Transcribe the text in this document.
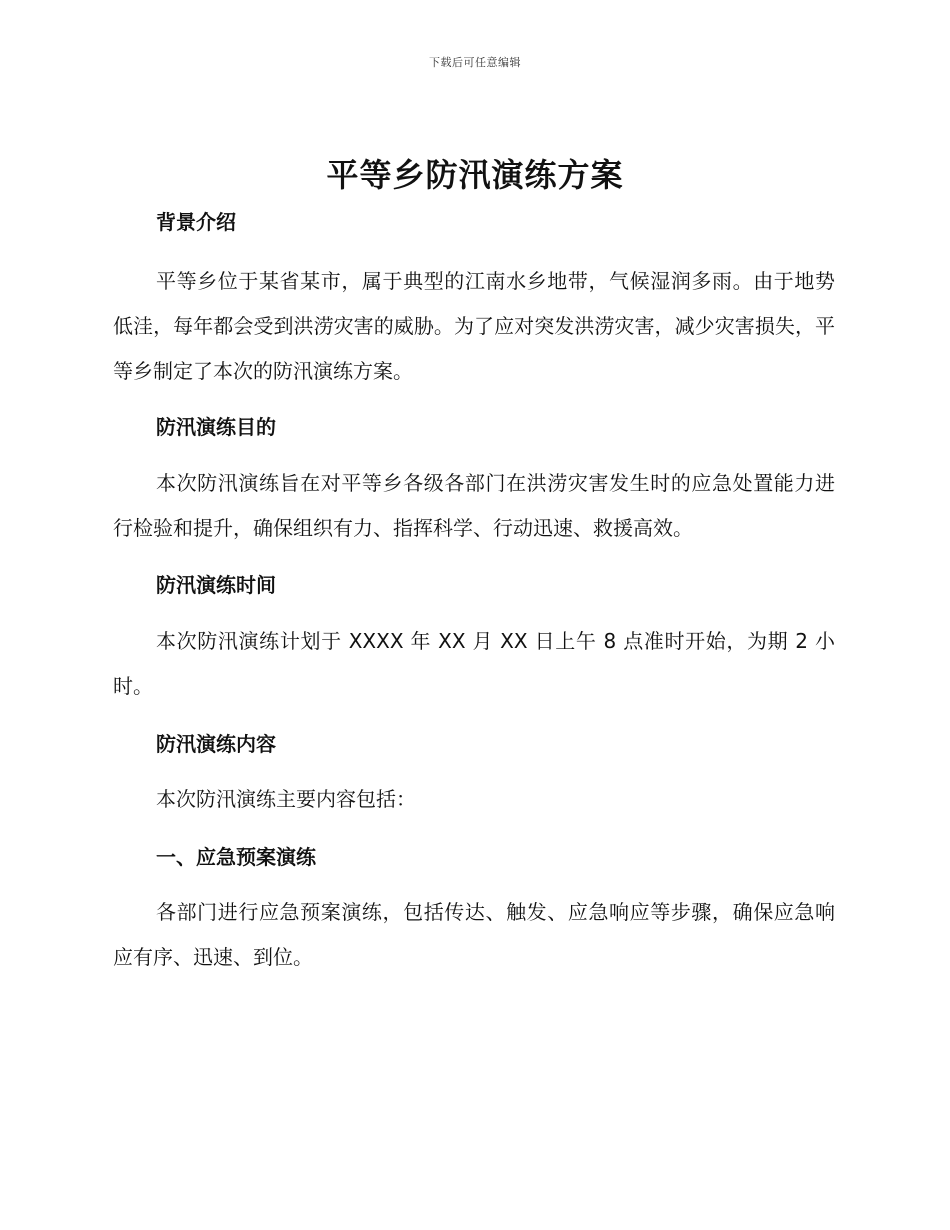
下载后可任意编辑
平等乡防汛演练方案
背景介绍

平等乡位于某省某市，属于典型的江南水乡地带，气候湿润多雨。由于地势低洼，每年都会受到洪涝灾害的威胁。为了应对突发洪涝灾害，减少灾害损失，平等乡制定了本次的防汛演练方案。

防汛演练目的

本次防汛演练旨在对平等乡各级各部门在洪涝灾害发生时的应急处置能力进行检验和提升，确保组织有力、指挥科学、行动迅速、救援高效。

防汛演练时间

本次防汛演练计划于 XXXX 年 XX 月 XX 日上午 8 点准时开始，为期 2 小时。

防汛演练内容

本次防汛演练主要内容包括：

一、应急预案演练

各部门进行应急预案演练，包括传达、触发、应急响应等步骤，确保应急响应有序、迅速、到位。
